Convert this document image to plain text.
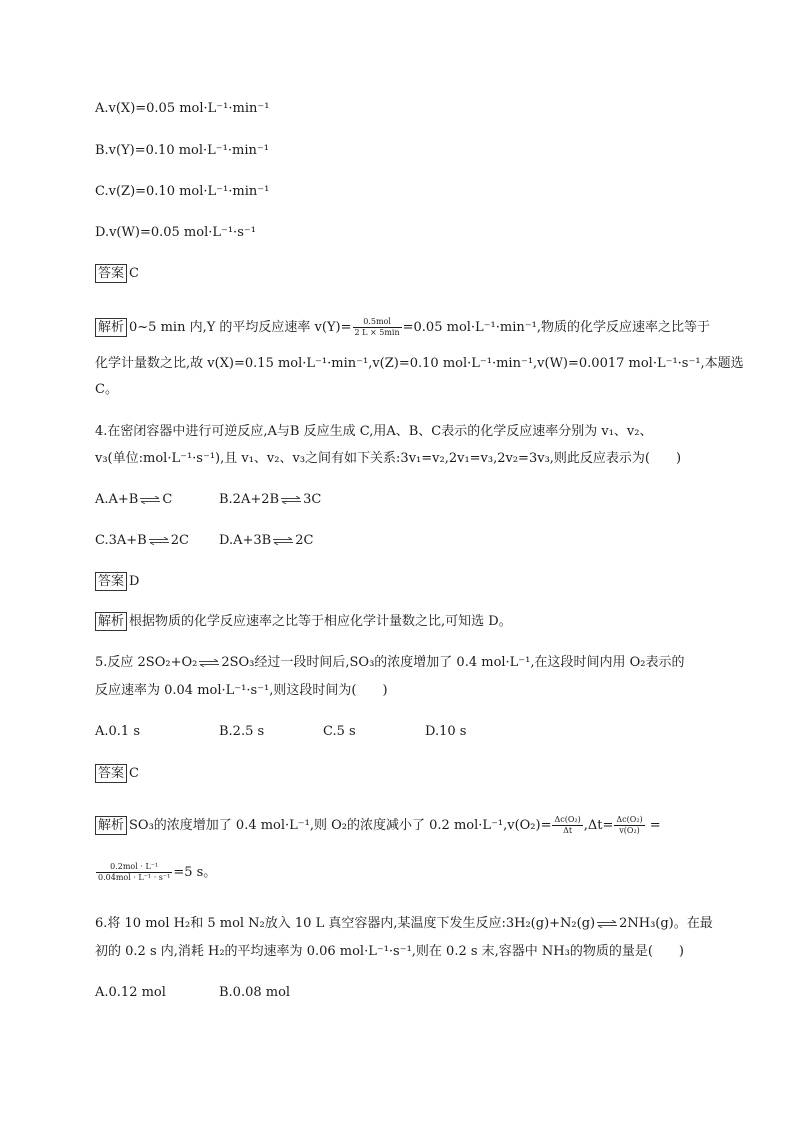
A.v(X)=0.05 mol·L⁻¹·min⁻¹
B.v(Y)=0.10 mol·L⁻¹·min⁻¹
C.v(Z)=0.10 mol·L⁻¹·min⁻¹
D.v(W)=0.05 mol·L⁻¹·s⁻¹
答案 C
解析 0~5 min 内,Y 的平均反应速率 $v(Y)= \frac{\text{0.5mol}}{2 L \times 5\min} =0.05$ mol·L⁻¹·min⁻¹,物质的化学反应速率之比等于
化学计量数之比,故 v(X)=0.15 mol·L⁻¹·min⁻¹,v(Z)=0.10 mol·L⁻¹·min⁻¹,v(W)=0.0017 mol·L⁻¹·s⁻¹,本题选
C。
4.在密闭容器中进行可逆反应,A与B 反应生成 C,用A、B、C表示的化学反应速率分别为 v₁、v₂、
v₃(单位:mol·L⁻¹·s⁻¹),且 v₁、v₂、v₃之间有如下关系:3v₁=v₂,2v₁=v₃,2v₂=3v₃,则此反应表示为(　　)
A.A+B⇌C	B.2A+2B⇌3C
C.3A+B⇌2C D.A+3B⇌2C
答案 D
解析 根据物质的化学反应速率之比等于相应化学计量数之比,可知选 D。
5.反应 2SO₂+O₂⇌2SO₃经过一段时间后,SO₃的浓度增加了 0.4 mol·L⁻¹,在这段时间内用 O₂表示的
反应速率为 0.04 mol·L⁻¹·s⁻¹,则这段时间为(　　)
A.0.1 s	B.2.5 s	C.5 s	D.10 s
答案 C
解析 SO₃的浓度增加了 0.4 mol·L⁻¹,则 O₂的浓度减小了 0.2 $mol\cdot L^{-1},v(O_2)= \frac{\text{Δc(O₂)}}{\Delta t} ,\Delta t= \frac{\text{Δc(O₂)}}{\text{v(O₂)}}$ =
$\frac{\text{0.2mol · L⁻¹}}{\text{0.04mol · L⁻¹ · s⁻¹}} =5$ s。
6.将 10 mol H₂和 5 mol N₂放入 10 L 真空容器内,某温度下发生反应:3H₂(g)+N₂(g)⇌2NH₃(g)。在最
初的 0.2 s 内,消耗 H₂的平均速率为 0.06 mol·L⁻¹·s⁻¹,则在 0.2 s 末,容器中 NH₃的物质的量是(　　)
A.0.12 mol	B.0.08 mol
